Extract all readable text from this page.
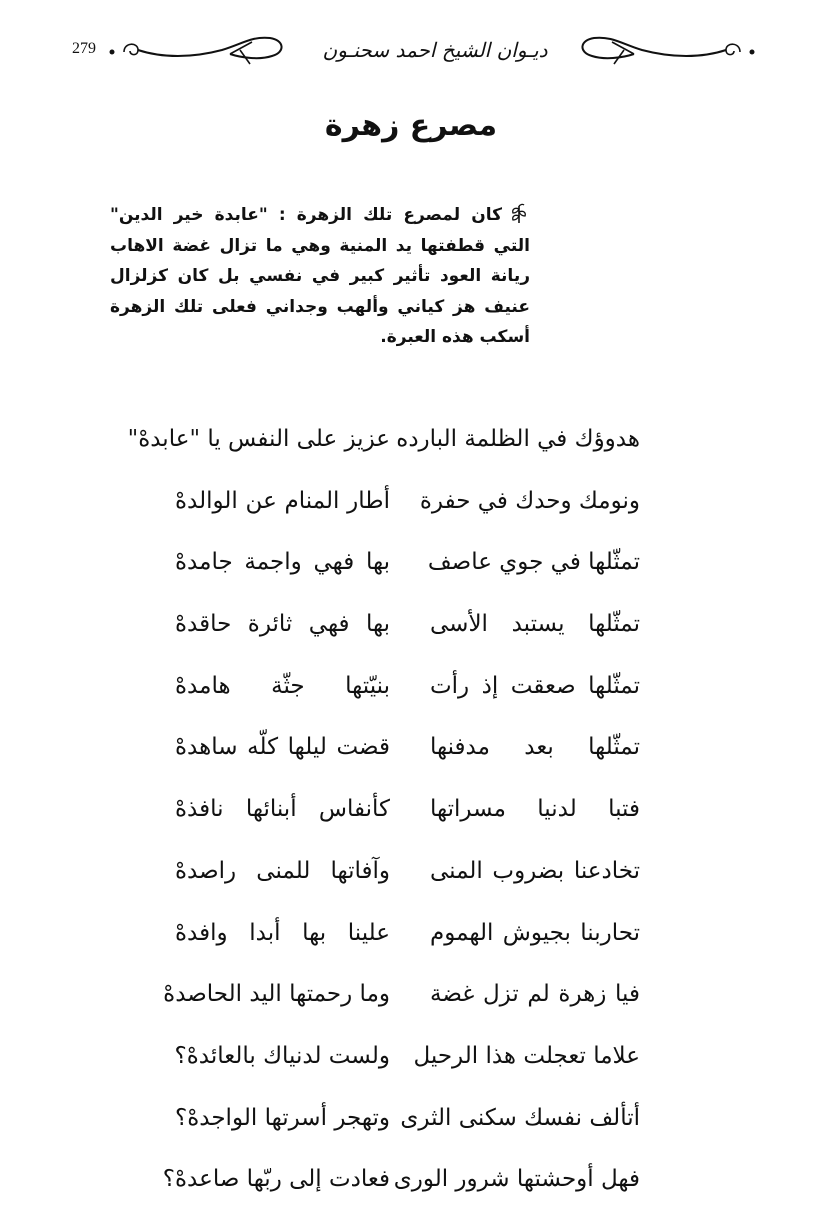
279	ديـوان الشيخ احمد سحنـون
مصرع زهرة
كان لمصرع تلك الزهرة : "عابدة خير الدين" التي قطفتها يد المنية وهي ما تزال غضة الاهاب ريانة العود تأثير كبير في نفسي بل كان كزلزال عنيف هز كياني وألهب وجداني فعلى تلك الزهرة أسكب هذه العبرة.
هدوؤك في الظلمة البارده
عزيز على النفس يا "عابدهْ"
ونومك وحدك في حفرة
أطار المنام عن الوالدهْ
تمثّلها في جوي عاصف
بها فهي واجمة جامدهْ
تمثّلها يستبد الأسى
بها فهي ثائرة حاقدهْ
تمثّلها صعقت إذ رأت
بنيّتها جثّة هامدهْ
تمثّلها بعد مدفنها
قضت ليلها كلّه ساهدهْ
فتبا لدنيا مسراتها
كأنفاس أبنائها نافذهْ
تخادعنا بضروب المنى
وآفاتها للمنى راصدهْ
تحاربنا بجيوش الهموم
علينا بها أبدا وافدهْ
فيا زهرة لم تزل غضة
وما رحمتها اليد الحاصدهْ
علاما تعجلت هذا الرحيل
ولست لدنياك بالعائدهْ؟
أتألف نفسك سكنى الثرى
وتهجر أسرتها الواجدهْ؟
فهل أوحشتها شرور الورى
فعادت إلى ربّها صاعدهْ؟
